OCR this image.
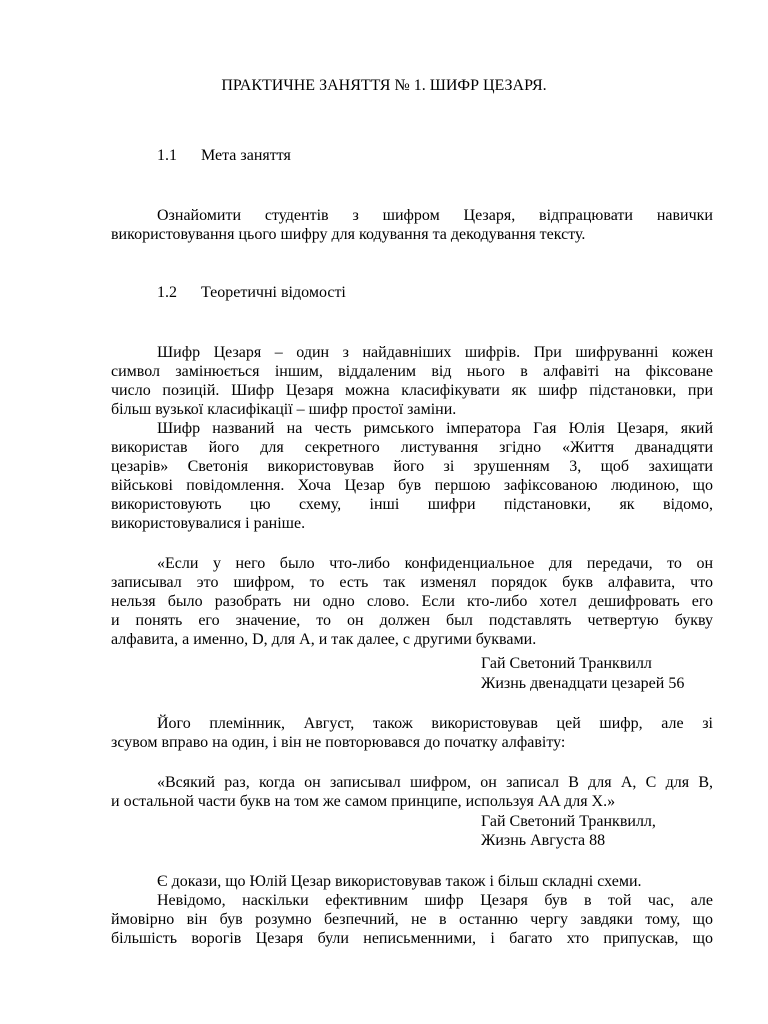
ПРАКТИЧНЕ ЗАНЯТТЯ № 1. ШИФР ЦЕЗАРЯ.
1.1 Мета заняття
Ознайомити студентів з шифром Цезаря, відпрацювати навички
використовування цього шифру для кодування та декодування тексту.
1.2 Теоретичні відомості
Шифр Цезаря – один з найдавніших шифрів. При шифруванні кожен
символ замінюється іншим, віддаленим від нього в алфавіті на фіксоване
число позицій. Шифр Цезаря можна класифікувати як шифр підстановки, при
більш вузької класифікації – шифр простої заміни.
Шифр названий на честь римського імператора Гая Юлія Цезаря, який
використав його для секретного листування згідно «Життя дванадцяти
цезарів» Светонія використовував його зі зрушенням 3, щоб захищати
військові повідомлення. Хоча Цезар був першою зафіксованою людиною, що
використовують цю схему, інші шифри підстановки, як відомо,
використовувалися і раніше.
«Если у него было что-либо конфиденциальное для передачи, то он
записывал это шифром, то есть так изменял порядок букв алфавита, что
нельзя было разобрать ни одно слово. Если кто-либо хотел дешифровать его
и понять его значение, то он должен был подставлять четвертую букву
алфавита, а именно, D, для A, и так далее, с другими буквами.
Гай Светоний Транквилл
Жизнь двенадцати цезарей 56
Його племінник, Август, також використовував цей шифр, але зі
зсувом вправо на один, і він не повторювався до початку алфавіту:
«Всякий раз, когда он записывал шифром, он записал B для A, C для B,
и остальной части букв на том же самом принципе, используя AA для X.»
Гай Светоний Транквилл,
Жизнь Августа 88
Є докази, що Юлій Цезар використовував також і більш складні схеми.
Невідомо, наскільки ефективним шифр Цезаря був в той час, але
ймовірно він був розумно безпечний, не в останню чергу завдяки тому, що
більшість ворогів Цезаря були неписьменними, і багато хто припускав, що
